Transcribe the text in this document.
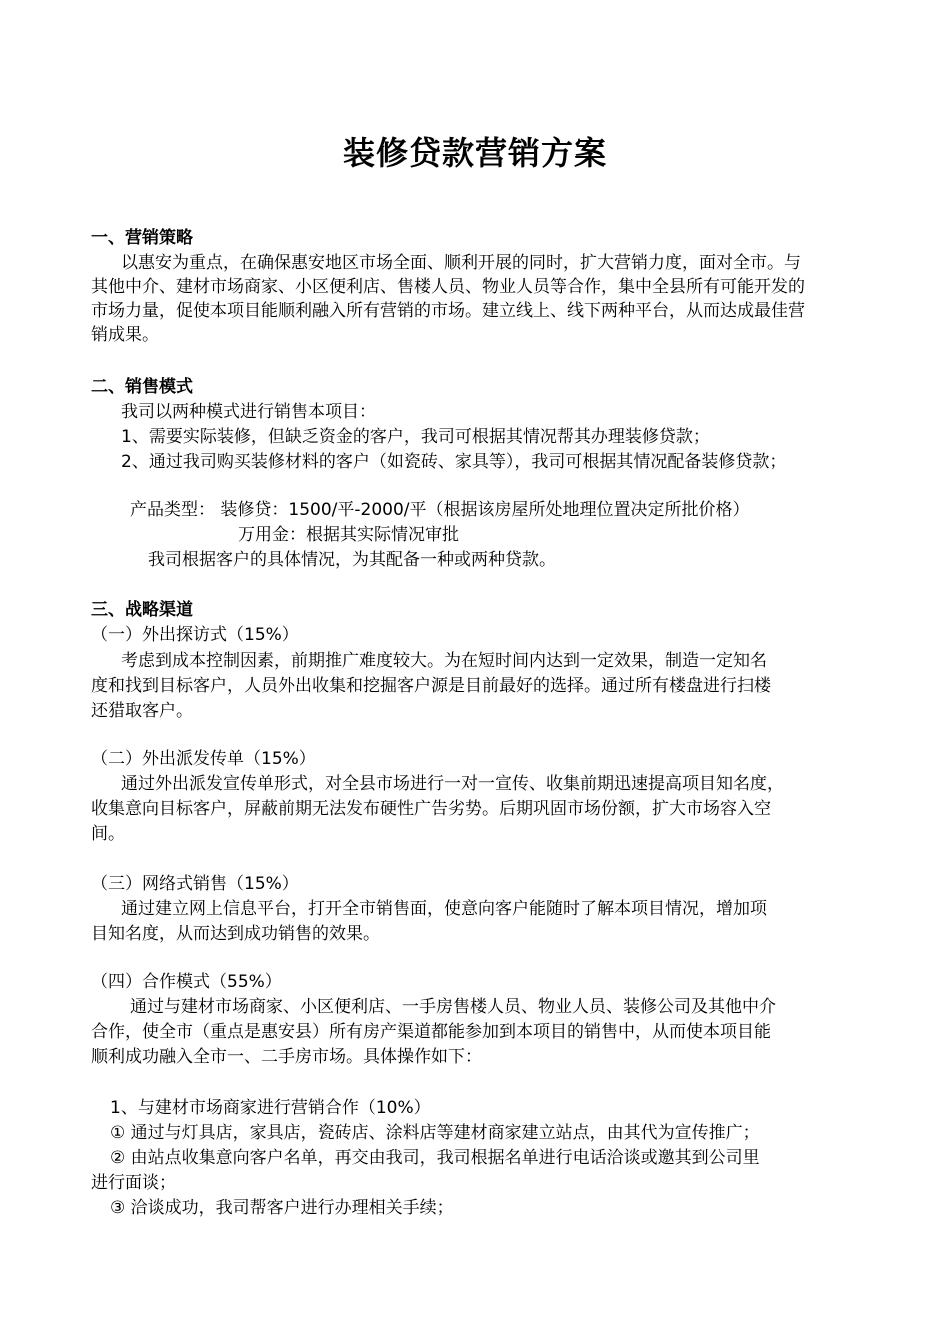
装修贷款营销方案
一、营销策略
以惠安为重点，在确保惠安地区市场全面、顺利开展的同时，扩大营销力度，面对全市。与
其他中介、建材市场商家、小区便利店、售楼人员、物业人员等合作，集中全县所有可能开发的
市场力量，促使本项目能顺利融入所有营销的市场。建立线上、线下两种平台，从而达成最佳营
销成果。
二、销售模式
我司以两种模式进行销售本项目：
1、需要实际装修，但缺乏资金的客户，我司可根据其情况帮其办理装修贷款；
2、通过我司购买装修材料的客户（如瓷砖、家具等），我司可根据其情况配备装修贷款；
产品类型： 装修贷：1500/平-2000/平（根据该房屋所处地理位置决定所批价格）
万用金：根据其实际情况审批
我司根据客户的具体情况，为其配备一种或两种贷款。
三、战略渠道
（一）外出探访式（15%）
考虑到成本控制因素，前期推广难度较大。为在短时间内达到一定效果，制造一定知名
度和找到目标客户，人员外出收集和挖掘客户源是目前最好的选择。通过所有楼盘进行扫楼
还猎取客户。
（二）外出派发传单（15%）
通过外出派发宣传单形式，对全县市场进行一对一宣传、收集前期迅速提高项目知名度，
收集意向目标客户，屏蔽前期无法发布硬性广告劣势。后期巩固市场份额，扩大市场容入空
间。
（三）网络式销售（15%）
通过建立网上信息平台，打开全市销售面，使意向客户能随时了解本项目情况，增加项
目知名度，从而达到成功销售的效果。
（四）合作模式（55%）
通过与建材市场商家、小区便利店、一手房售楼人员、物业人员、装修公司及其他中介
合作，使全市（重点是惠安县）所有房产渠道都能参加到本项目的销售中，从而使本项目能
顺利成功融入全市一、二手房市场。具体操作如下：
1、与建材市场商家进行营销合作（10%）
① 通过与灯具店，家具店，瓷砖店、涂料店等建材商家建立站点，由其代为宣传推广；
② 由站点收集意向客户名单，再交由我司，我司根据名单进行电话洽谈或邀其到公司里
进行面谈；
③ 洽谈成功，我司帮客户进行办理相关手续；
